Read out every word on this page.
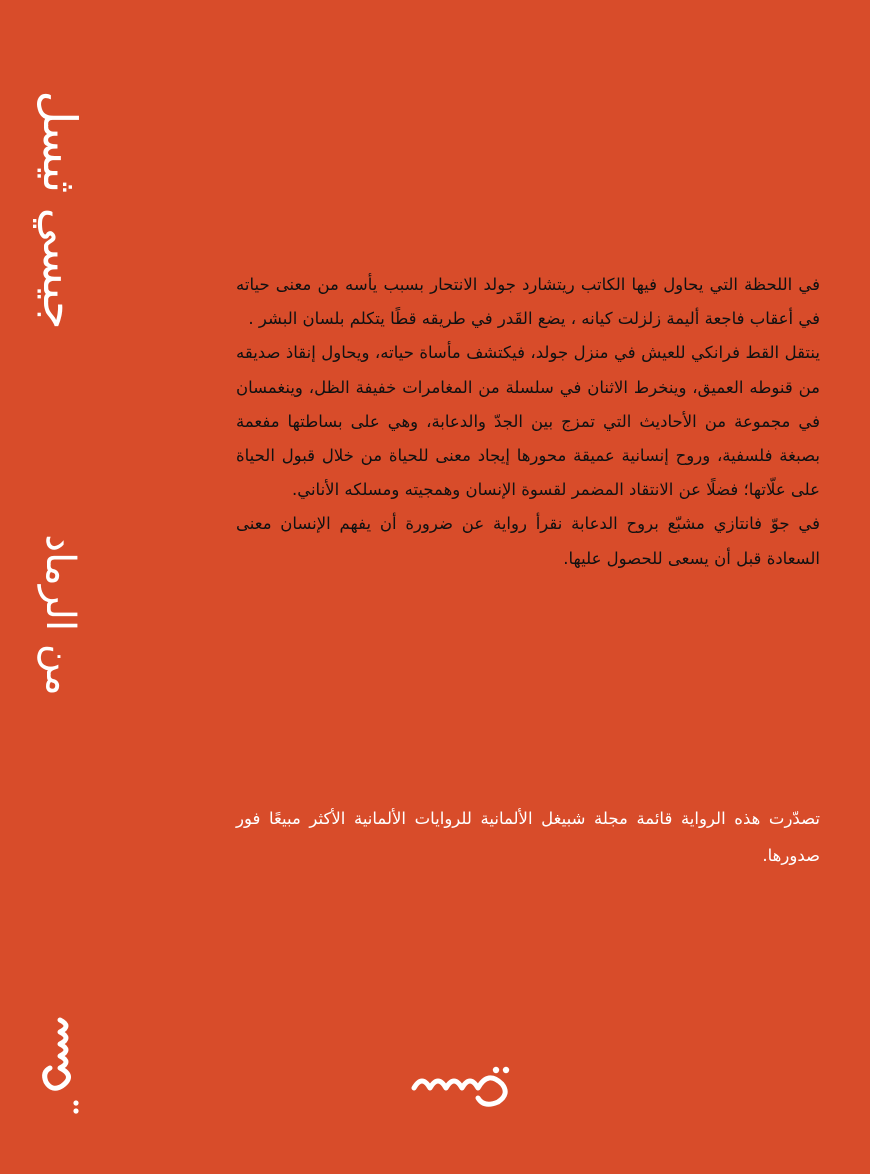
جيسي ثيسل
من الرماد

في اللحظة التي يحاول فيها الكاتب ريتشارد جولد الانتحار بسبب يأسه من معنى حياته في أعقاب فاجعة أليمة زلزلت كيانه ، يضع القَدر في طريقه قطًا يتكلم بلسان البشر .

ينتقل القط فرانكي للعيش في منزل جولد، فيكتشف مأساة حياته، ويحاول إنقاذ صديقه من قنوطه العميق، وينخرط الاثنان في سلسلة من المغامرات خفيفة الظل، وينغمسان في مجموعة من الأحاديث التي تمزج بين الجدّ والدعابة، وهي على بساطتها مفعمة بصبغة فلسفية، وروح إنسانية عميقة محورها إيجاد معنى للحياة من خلال قبول الحياة على علّاتها؛ فضلًا عن الانتقاد المضمر لقسوة الإنسان وهمجيته ومسلكه الأناني.

في جوّ فانتازي مشبّع بروح الدعابة نقرأ رواية عن ضرورة أن يفهم الإنسان معنى السعادة قبل أن يسعى للحصول عليها.

تصدّرت هذه الرواية قائمة مجلة شبيغل الألمانية للروايات الألمانية الأكثر مبيعًا فور صدورها.
